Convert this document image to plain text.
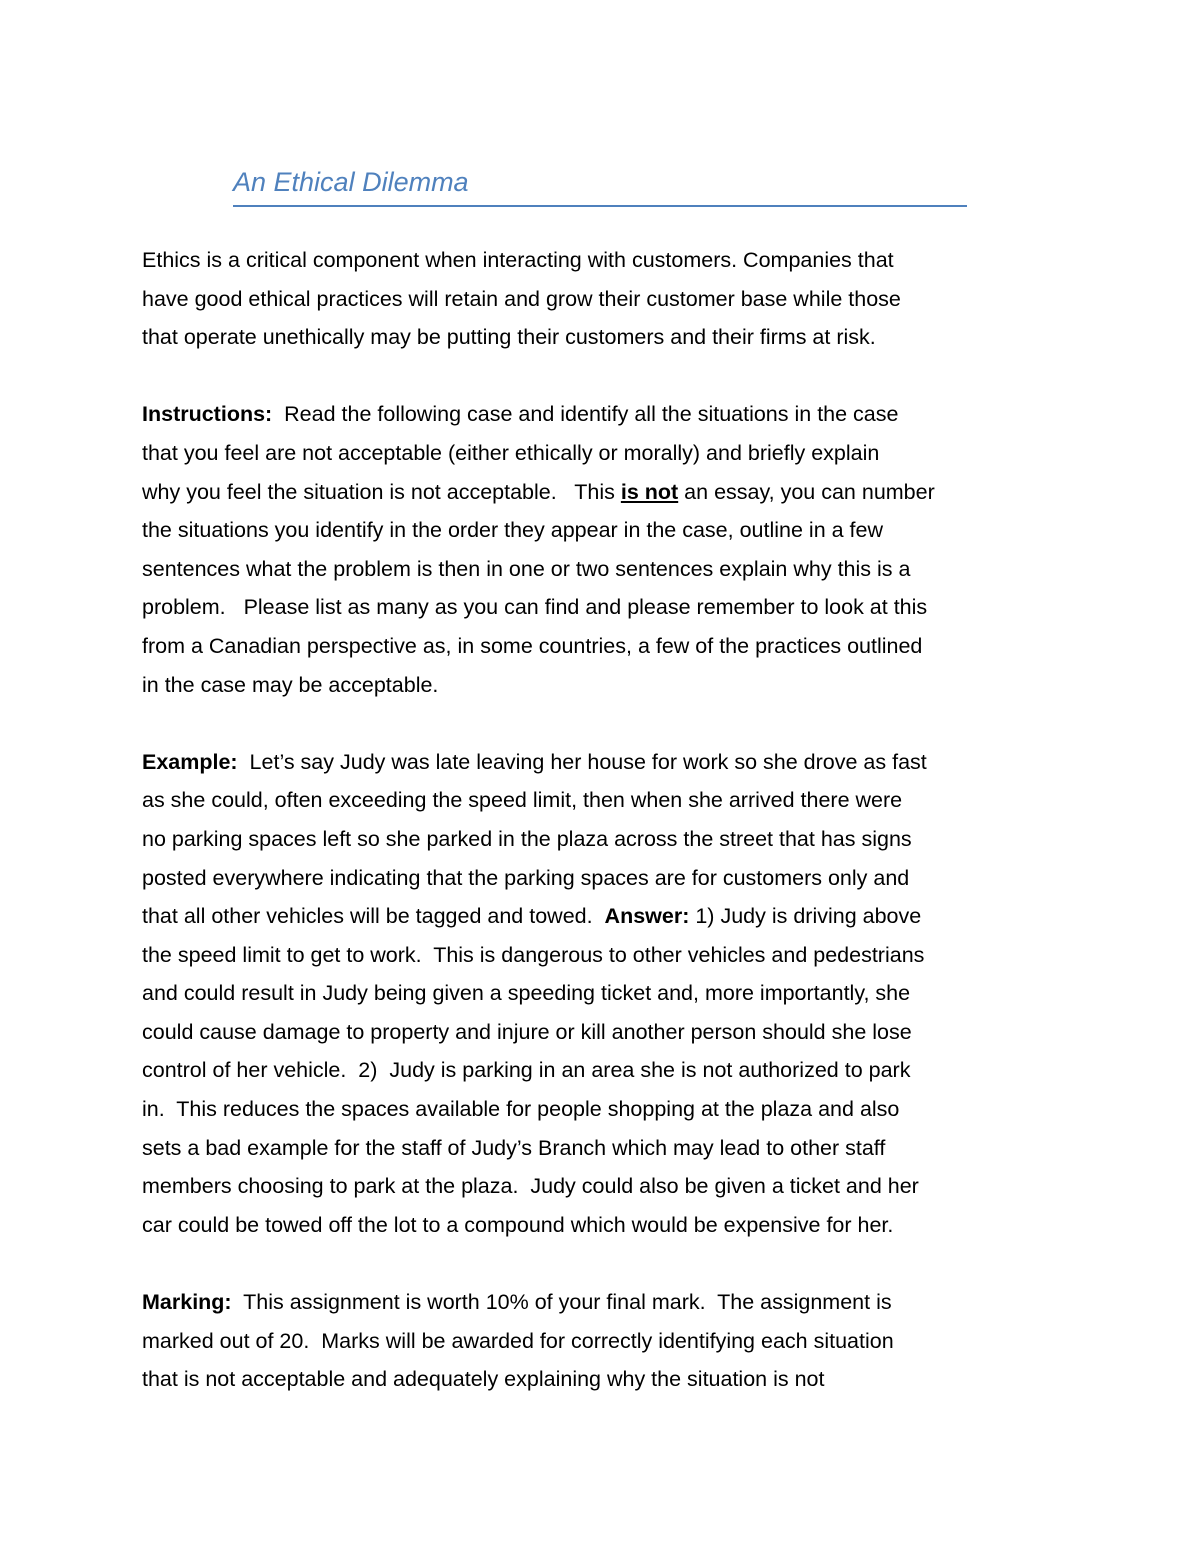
An Ethical Dilemma

Ethics is a critical component when interacting with customers. Companies that
have good ethical practices will retain and grow their customer base while those
that operate unethically may be putting their customers and their firms at risk.

Instructions:  Read the following case and identify all the situations in the case
that you feel are not acceptable (either ethically or morally) and briefly explain
why you feel the situation is not acceptable.   This is not an essay, you can number
the situations you identify in the order they appear in the case, outline in a few
sentences what the problem is then in one or two sentences explain why this is a
problem.   Please list as many as you can find and please remember to look at this
from a Canadian perspective as, in some countries, a few of the practices outlined
in the case may be acceptable.

Example:  Let’s say Judy was late leaving her house for work so she drove as fast
as she could, often exceeding the speed limit, then when she arrived there were
no parking spaces left so she parked in the plaza across the street that has signs
posted everywhere indicating that the parking spaces are for customers only and
that all other vehicles will be tagged and towed.  Answer: 1) Judy is driving above
the speed limit to get to work.  This is dangerous to other vehicles and pedestrians
and could result in Judy being given a speeding ticket and, more importantly, she
could cause damage to property and injure or kill another person should she lose
control of her vehicle.  2)  Judy is parking in an area she is not authorized to park
in.  This reduces the spaces available for people shopping at the plaza and also
sets a bad example for the staff of Judy’s Branch which may lead to other staff
members choosing to park at the plaza.  Judy could also be given a ticket and her
car could be towed off the lot to a compound which would be expensive for her.

Marking:  This assignment is worth 10% of your final mark.  The assignment is
marked out of 20.  Marks will be awarded for correctly identifying each situation
that is not acceptable and adequately explaining why the situation is not
